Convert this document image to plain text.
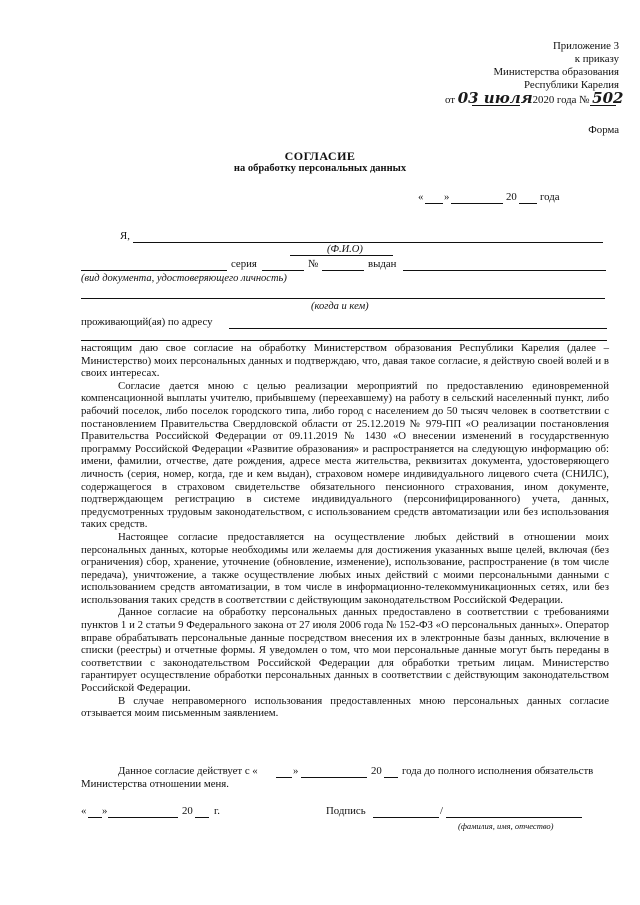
Приложение 3
к приказу
Министерства образования
Республики Карелия
от 03 июля2020 года № 502
Форма
СОГЛАСИЕ
на обработку персональных данных
« »	20 года
Я,
(Ф.И.О)
серия	№	выдан
(вид документа, удостоверяющего личность)
(когда и кем)
проживающий(ая) по адресу

настоящим даю свое согласие на обработку Министерством образования Республики Карелия (далее – Министерство) моих персональных данных и подтверждаю, что, давая такое согласие, я действую своей волей и в своих интересах.

Согласие дается мною с целью реализации мероприятий по предоставлению единовременной компенсационной выплаты учителю, прибывшему (переехавшему) на работу в сельский населенный пункт, либо рабочий поселок, либо поселок городского типа, либо город с населением до 50 тысяч человек в соответствии с постановлением Правительства Свердловской области от 25.12.2019 № 979-ПП «О реализации постановления Правительства Российской Федерации от 09.11.2019 № 1430 «О внесении изменений в государственную программу Российской Федерации «Развитие образования» и распространяется на следующую информацию об: имени, фамилии, отчестве, дате рождения, адресе места жительства, реквизитах документа, удостоверяющего личность (серия, номер, когда, где и кем выдан), страховом номере индивидуального лицевого счета (СНИЛС), содержащегося в страховом свидетельстве обязательного пенсионного страхования, ином документе, подтверждающем регистрацию в системе индивидуального (персонифицированного) учета, данных, предусмотренных трудовым законодательством, с использованием средств автоматизации или без использования таких средств.

Настоящее согласие предоставляется на осуществление любых действий в отношении моих персональных данных, которые необходимы или желаемы для достижения указанных выше целей, включая (без ограничения) сбор, хранение, уточнение (обновление, изменение), использование, распространение (в том числе передача), уничтожение, а также осуществление любых иных действий с моими персональными данными с использованием средств автоматизации, в том числе в информационно-телекоммуникационных сетях, или без использования таких средств в соответствии с действующим законодательством Российской Федерации.

Данное согласие на обработку персональных данных предоставлено в соответствии с требованиями пунктов 1 и 2 статьи 9 Федерального закона от 27 июля 2006 года № 152-ФЗ «О персональных данных». Оператор вправе обрабатывать персональные данные посредством внесения их в электронные базы данных, включение в списки (реестры) и отчетные формы. Я уведомлен о том, что мои персональные данные могут быть переданы в соответствии с законодательством Российской Федерации для обработки третьим лицам. Министерство гарантирует осуществление обработки персональных данных в соответствии с действующим законодательством Российской Федерации.

В случае неправомерного использования предоставленных мною персональных данных согласие отзывается моим письменным заявлением.

Данное согласие действует с «	»	20 года до полного исполнения обязательств
Министерства отношении меня.
« »	20 г.	Подпись	/
(фамилия, имя, отчество)
